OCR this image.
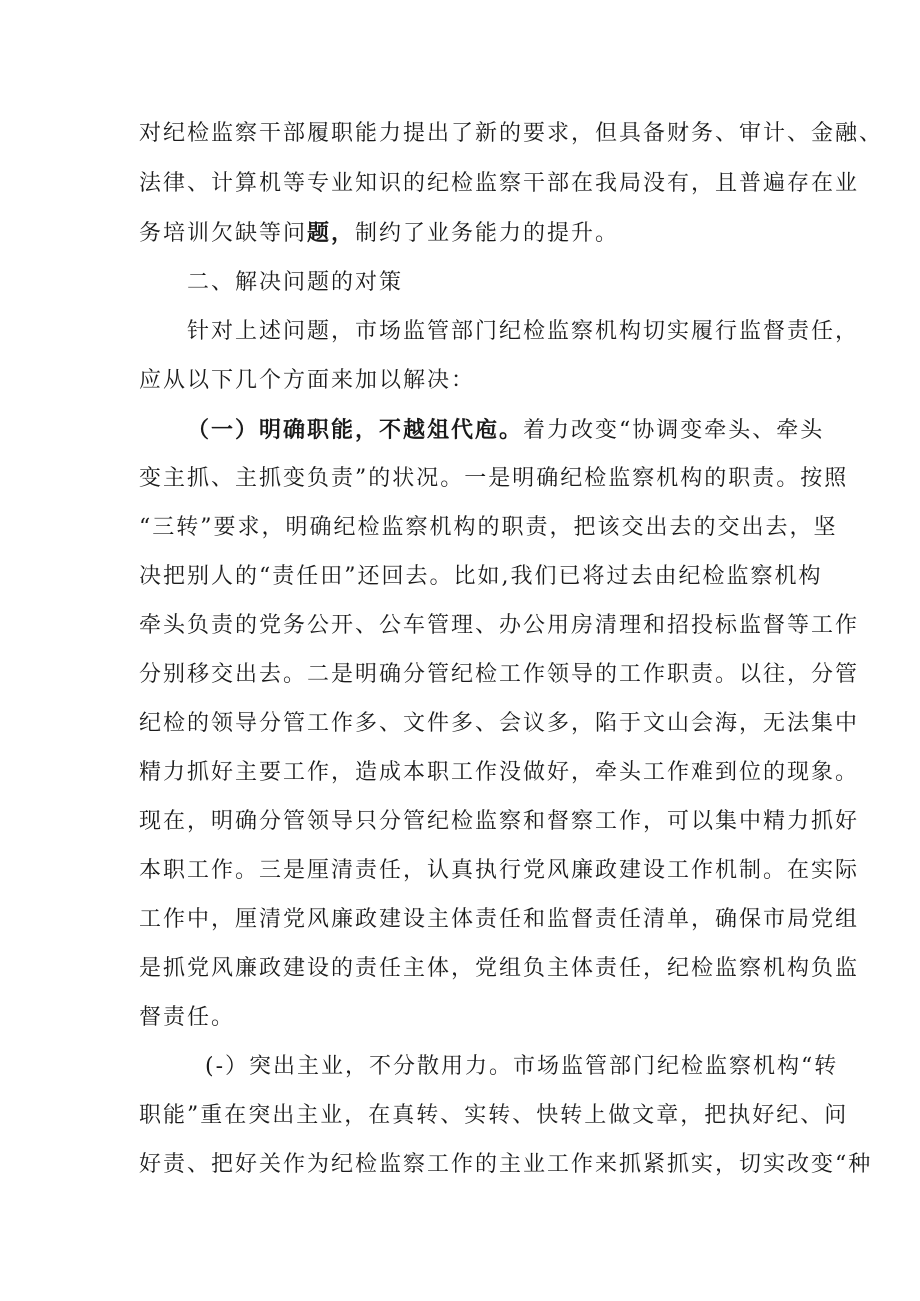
对纪检监察干部履职能力提出了新的要求，但具备财务、审计、金融、
法律、计算机等专业知识的纪检监察干部在我局没有，且普遍存在业
务培训欠缺等问题，制约了业务能力的提升。
二、解决问题的对策
针对上述问题，市场监管部门纪检监察机构切实履行监督责任，
应从以下几个方面来加以解决：
（一）明确职能，不越俎代庖。着力改变“协调变牵头、牵头
变主抓、主抓变负责”的状况。一是明确纪检监察机构的职责。按照
“三转”要求，明确纪检监察机构的职责，把该交出去的交出去，坚
决把别人的“责任田”还回去。比如,我们已将过去由纪检监察机构
牵头负责的党务公开、公车管理、办公用房清理和招投标监督等工作
分别移交出去。二是明确分管纪检工作领导的工作职责。以往，分管
纪检的领导分管工作多、文件多、会议多，陷于文山会海，无法集中
精力抓好主要工作，造成本职工作没做好，牵头工作难到位的现象。
现在，明确分管领导只分管纪检监察和督察工作，可以集中精力抓好
本职工作。三是厘清责任，认真执行党风廉政建设工作机制。在实际
工作中，厘清党风廉政建设主体责任和监督责任清单，确保市局党组
是抓党风廉政建设的责任主体，党组负主体责任，纪检监察机构负监
督责任。
(-）突出主业，不分散用力。市场监管部门纪检监察机构“转
职能”重在突出主业，在真转、实转、快转上做文章，把执好纪、问
好责、把好关作为纪检监察工作的主业工作来抓紧抓实，切实改变“种
